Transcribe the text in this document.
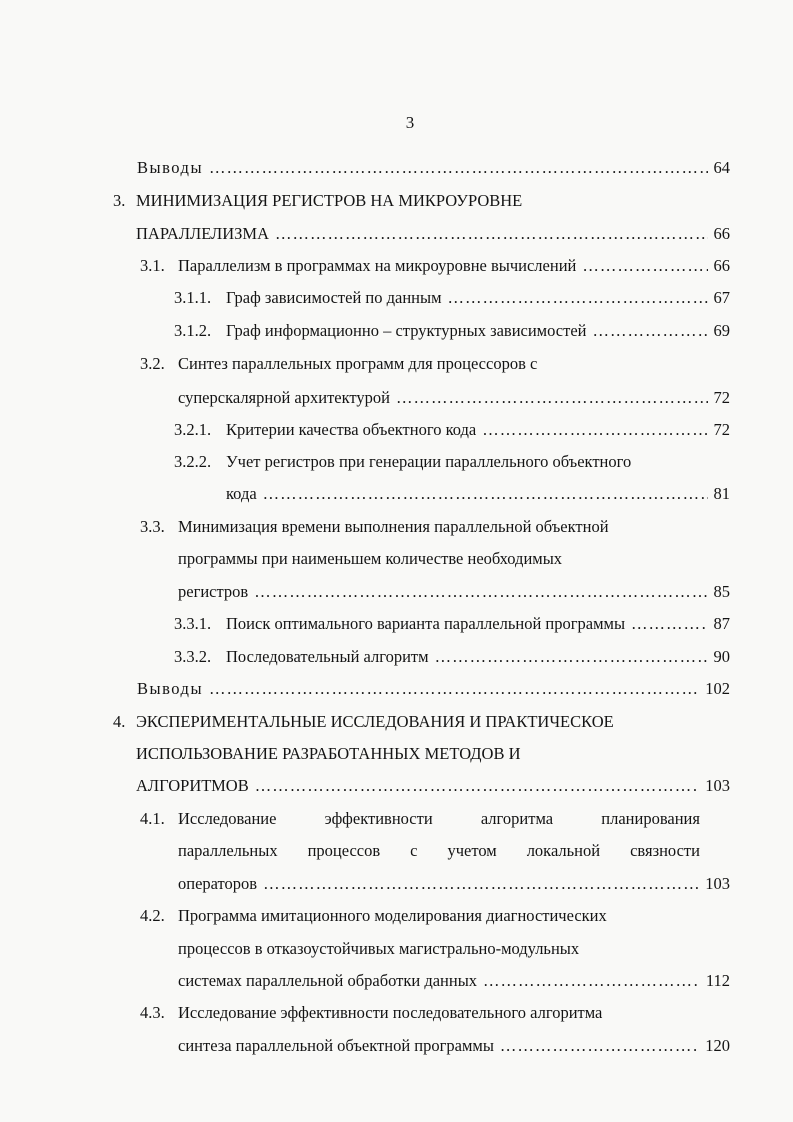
3
Выводы ………………………………………………………………………………………………………………………………………………………	64
3. МИНИМИЗАЦИЯ РЕГИСТРОВ НА МИКРОУРОВНЕ
ПАРАЛЛЕЛИЗМА ………………………………………………………………………………………………………………………………………………………	66
3.1. Параллелизм в программах на микроуровне вычислений ………………………………………………………………………………………………………………………………………………………	66
3.1.1. Граф зависимостей по данным ………………………………………………………………………………………………………………………………………………………	67
3.1.2. Граф информационно – структурных зависимостей ………………………………………………………………………………………………………………………………………………………	69
3.2. Синтез параллельных программ для процессоров с
суперскалярной архитектурой ………………………………………………………………………………………………………………………………………………………	72
3.2.1. Критерии качества объектного кода ………………………………………………………………………………………………………………………………………………………	72
3.2.2. Учет регистров при генерации параллельного объектного
кода ………………………………………………………………………………………………………………………………………………………	81
3.3. Минимизация времени выполнения параллельной объектной
программы при наименьшем количестве необходимых
регистров ………………………………………………………………………………………………………………………………………………………	85
3.3.1. Поиск оптимального варианта параллельной программы ………………………………………………………………………………………………………………………………………………………	87
3.3.2. Последовательный алгоритм ………………………………………………………………………………………………………………………………………………………	90
Выводы ………………………………………………………………………………………………………………………………………………………	102
4. ЭКСПЕРИМЕНТАЛЬНЫЕ ИССЛЕДОВАНИЯ И ПРАКТИЧЕСКОЕ
ИСПОЛЬЗОВАНИЕ РАЗРАБОТАННЫХ МЕТОДОВ И
АЛГОРИТМОВ ………………………………………………………………………………………………………………………………………………………	103
4.1. Исследование	эффективности	алгоритма	планирования
параллельных процессов с учетом локальной связности
операторов ………………………………………………………………………………………………………………………………………………………	103
4.2. Программа имитационного моделирования диагностических
процессов в отказоустойчивых магистрально-модульных
системах параллельной обработки данных ………………………………………………………………………………………………………………………………………………………	112
4.3. Исследование эффективности последовательного алгоритма
синтеза параллельной объектной программы ………………………………………………………………………………………………………………………………………………………	120
